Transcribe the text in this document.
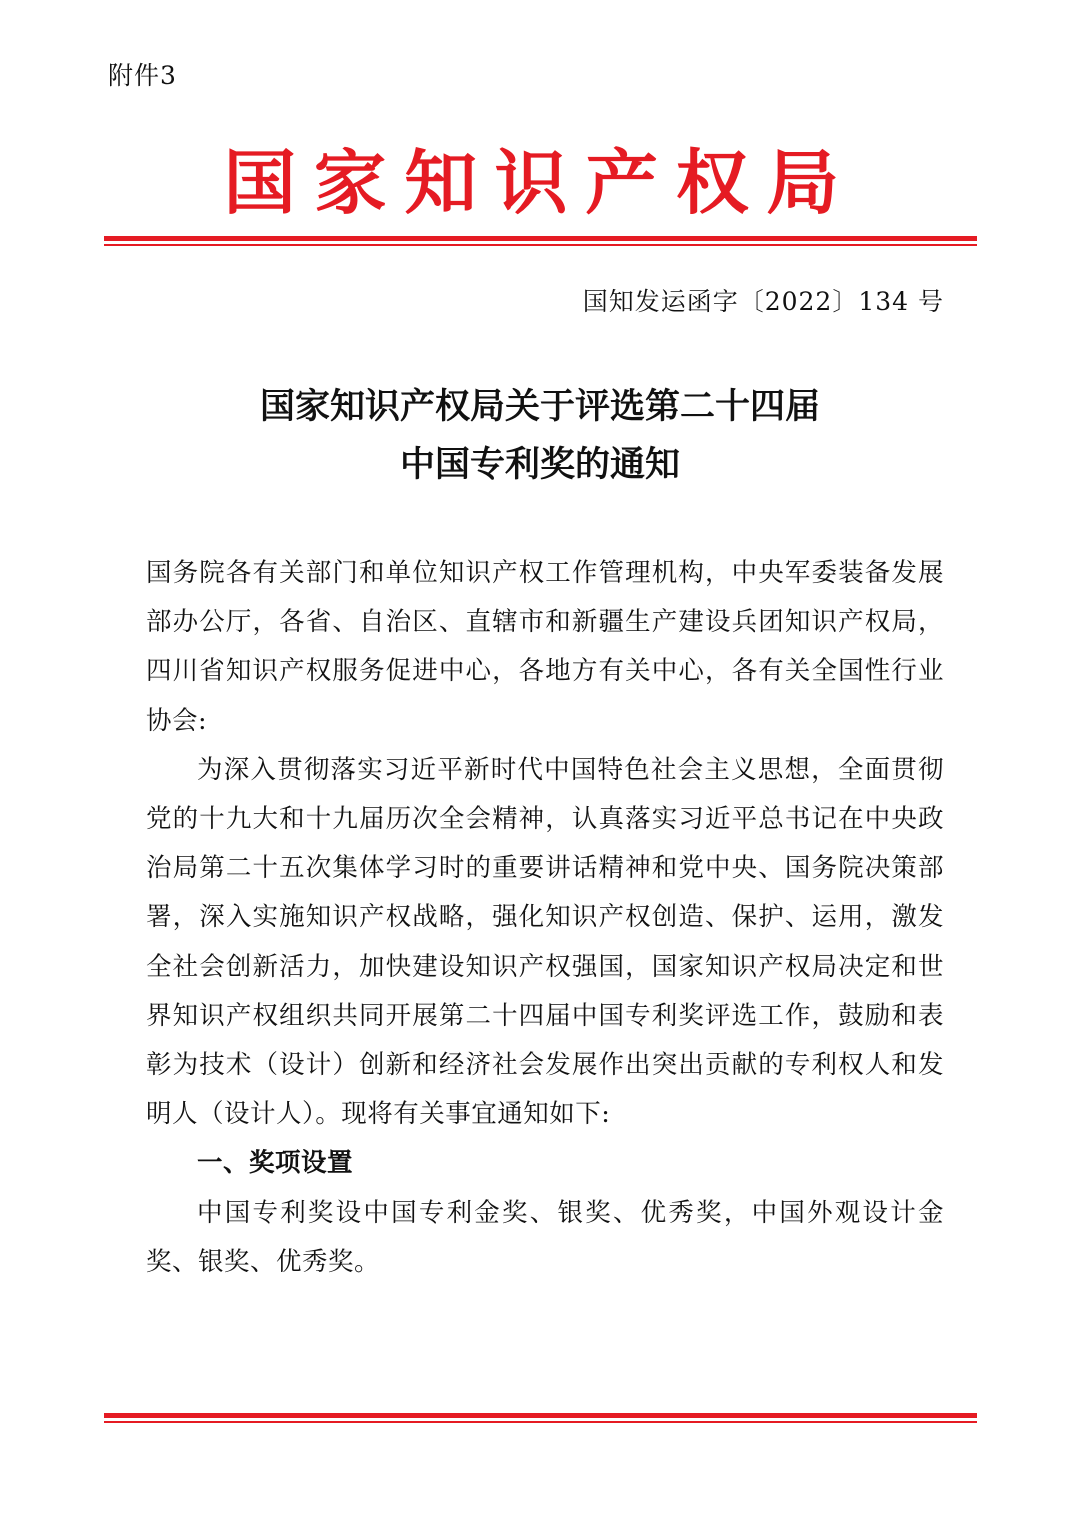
附件3
国家知识产权局
国知发运函字〔2022〕134 号
国家知识产权局关于评选第二十四届
中国专利奖的通知

国务院各有关部门和单位知识产权工作管理机构，中央军委装备发展部办公厅，各省、自治区、直辖市和新疆生产建设兵团知识产权局，四川省知识产权服务促进中心，各地方有关中心，各有关全国性行业协会:

为深入贯彻落实习近平新时代中国特色社会主义思想，全面贯彻党的十九大和十九届历次全会精神，认真落实习近平总书记在中央政治局第二十五次集体学习时的重要讲话精神和党中央、国务院决策部署，深入实施知识产权战略，强化知识产权创造、保护、运用，激发全社会创新活力，加快建设知识产权强国，国家知识产权局决定和世界知识产权组织共同开展第二十四届中国专利奖评选工作，鼓励和表彰为技术（设计）创新和经济社会发展作出突出贡献的专利权人和发明人（设计人）。现将有关事宜通知如下:

一、奖项设置

中国专利奖设中国专利金奖、银奖、优秀奖，中国外观设计金奖、银奖、优秀奖。
